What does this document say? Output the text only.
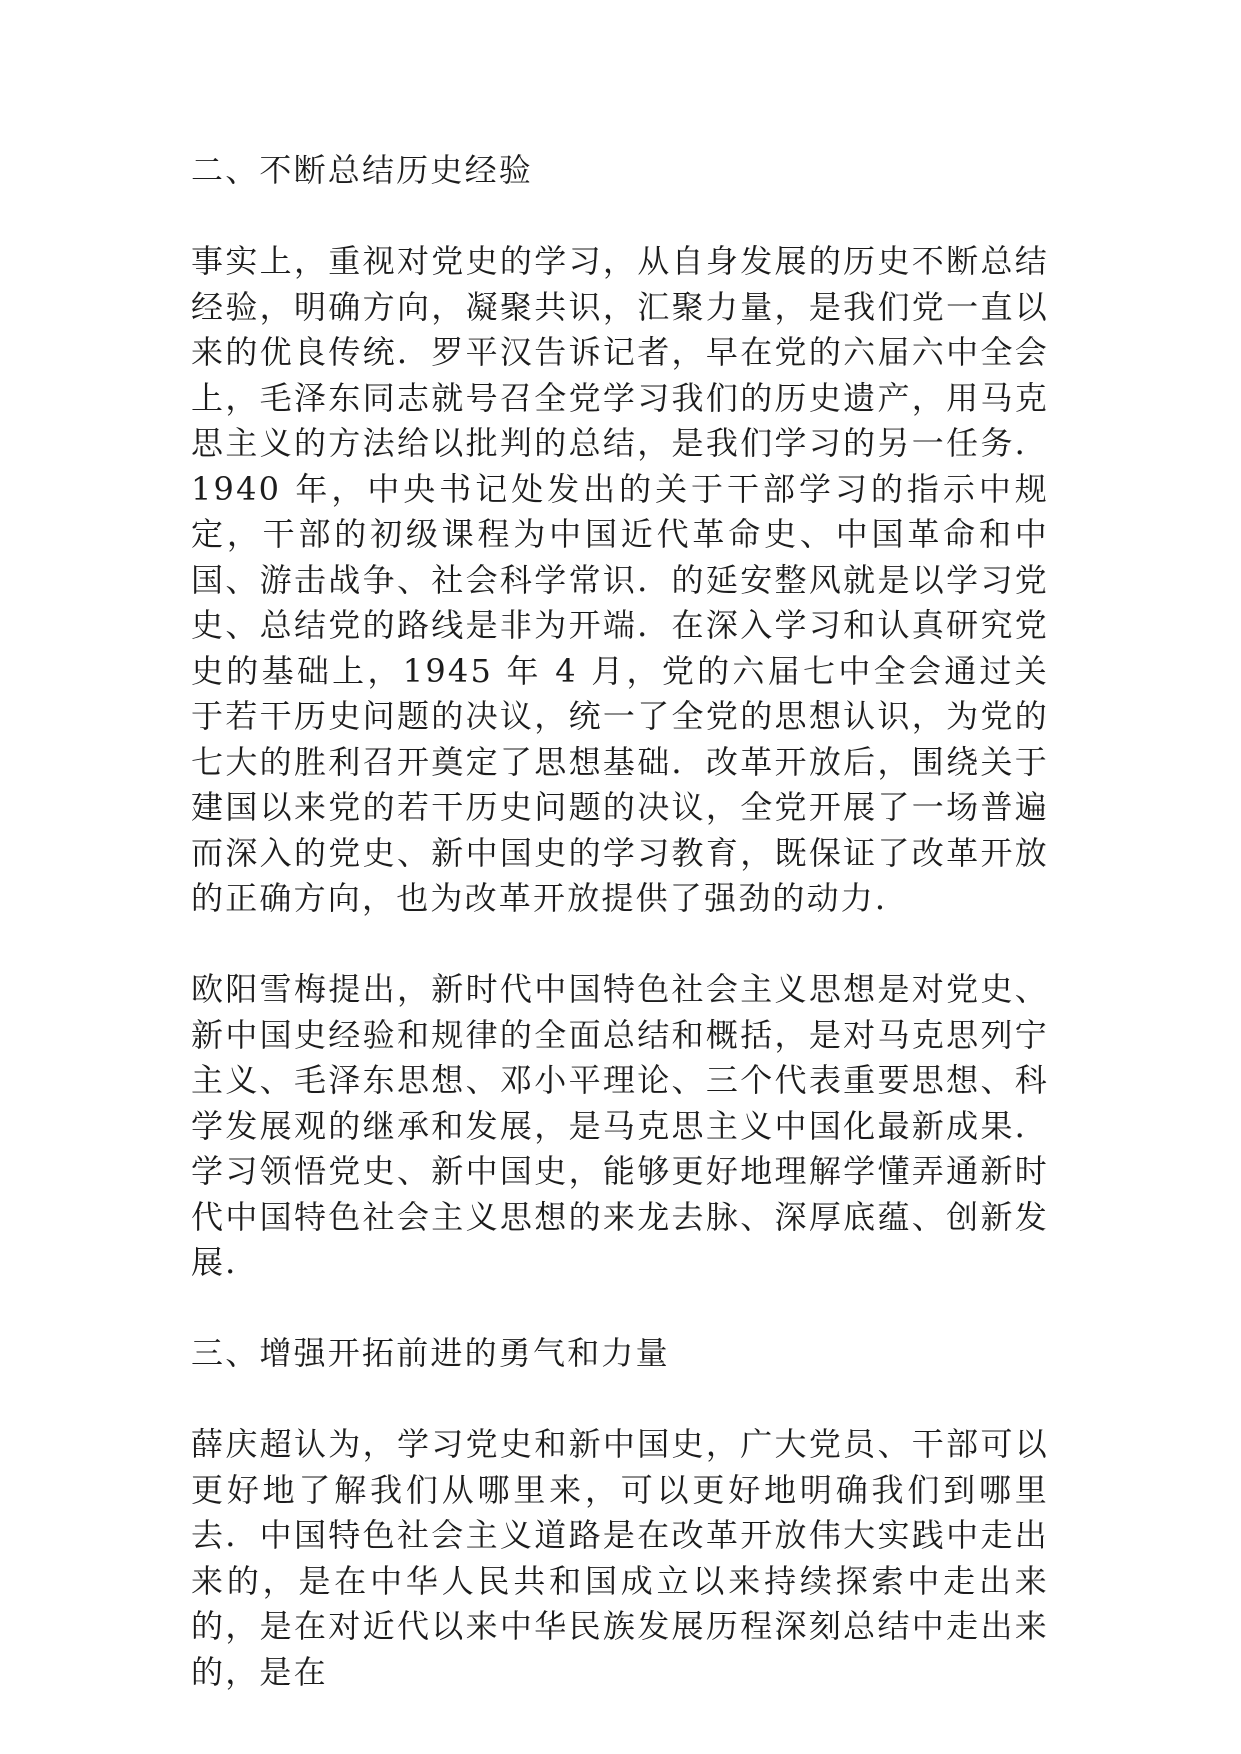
二、不断总结历史经验
事实上，重视对党史的学习，从自身发展的历史不断总结经验，明确方向，凝聚共识，汇聚力量，是我们党一直以来的优良传统．罗平汉告诉记者，早在党的六届六中全会上，毛泽东同志就号召全党学习我们的历史遗产，用马克思主义的方法给以批判的总结，是我们学习的另一任务．1940 年，中央书记处发出的关于干部学习的指示中规定，干部的初级课程为中国近代革命史、中国革命和中国、游击战争、社会科学常识．的延安整风就是以学习党史、总结党的路线是非为开端．在深入学习和认真研究党史的基础上，1945 年 4 月，党的六届七中全会通过关于若干历史问题的决议，统一了全党的思想认识，为党的七大的胜利召开奠定了思想基础．改革开放后，围绕关于建国以来党的若干历史问题的决议，全党开展了一场普遍而深入的党史、新中国史的学习教育，既保证了改革开放的正确方向，也为改革开放提供了强劲的动力．
欧阳雪梅提出，新时代中国特色社会主义思想是对党史、新中国史经验和规律的全面总结和概括，是对马克思列宁主义、毛泽东思想、邓小平理论、三个代表重要思想、科学发展观的继承和发展，是马克思主义中国化最新成果．学习领悟党史、新中国史，能够更好地理解学懂弄通新时代中国特色社会主义思想的来龙去脉、深厚底蕴、创新发展．
三、增强开拓前进的勇气和力量
薛庆超认为，学习党史和新中国史，广大党员、干部可以更好地了解我们从哪里来，可以更好地明确我们到哪里去．中国特色社会主义道路是在改革开放伟大实践中走出来的，是在中华人民共和国成立以来持续探索中走出来的，是在对近代以来中华民族发展历程深刻总结中走出来的，是在
